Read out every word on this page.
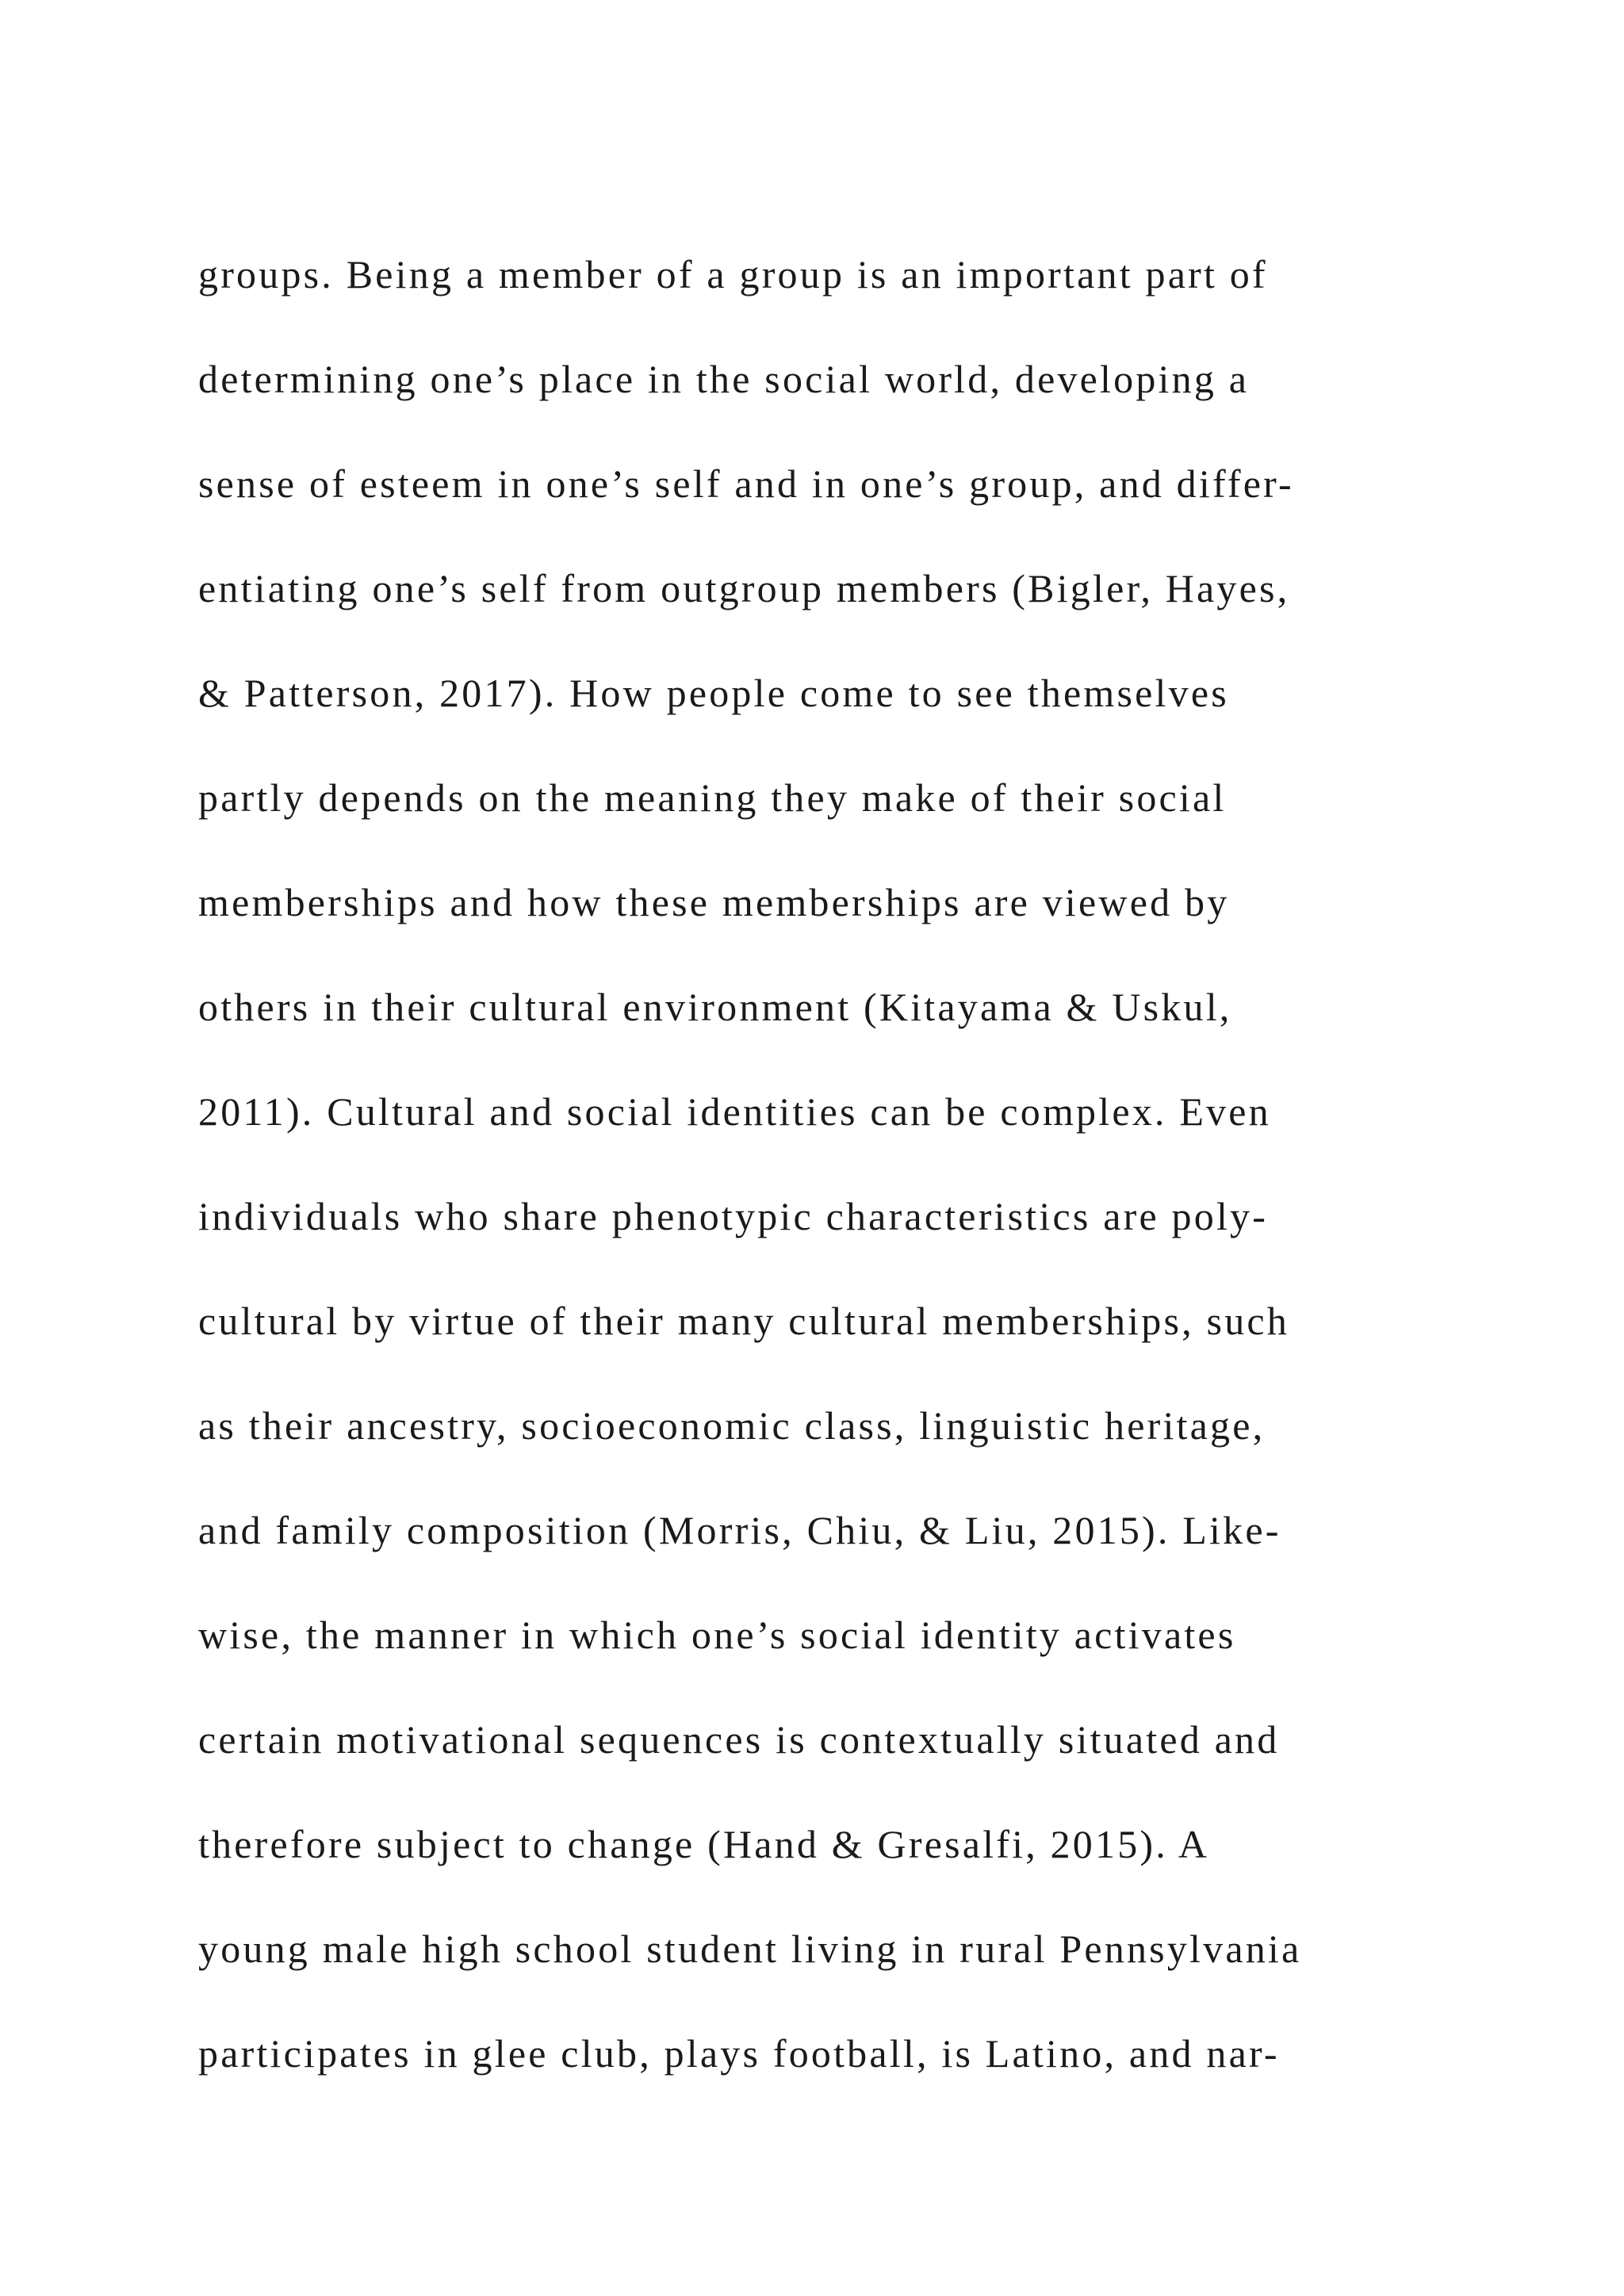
groups. Being a member of a group is an important part of
determining one’s place in the social world, developing a
sense of esteem in one’s self and in one’s group, and differ-
entiating one’s self from outgroup members (Bigler, Hayes,
& Patterson, 2017). How people come to see themselves
partly depends on the meaning they make of their social
memberships and how these memberships are viewed by
others in their cultural environment (Kitayama & Uskul,
2011). Cultural and social identities can be complex. Even
individuals who share phenotypic characteristics are poly-
cultural by virtue of their many cultural memberships, such
as their ancestry, socioeconomic class, linguistic heritage,
and family composition (Morris, Chiu, & Liu, 2015). Like-
wise, the manner in which one’s social identity activates
certain motivational sequences is contextually situated and
therefore subject to change (Hand & Gresalfi, 2015). A
young male high school student living in rural Pennsylvania
participates in glee club, plays football, is Latino, and nar-
